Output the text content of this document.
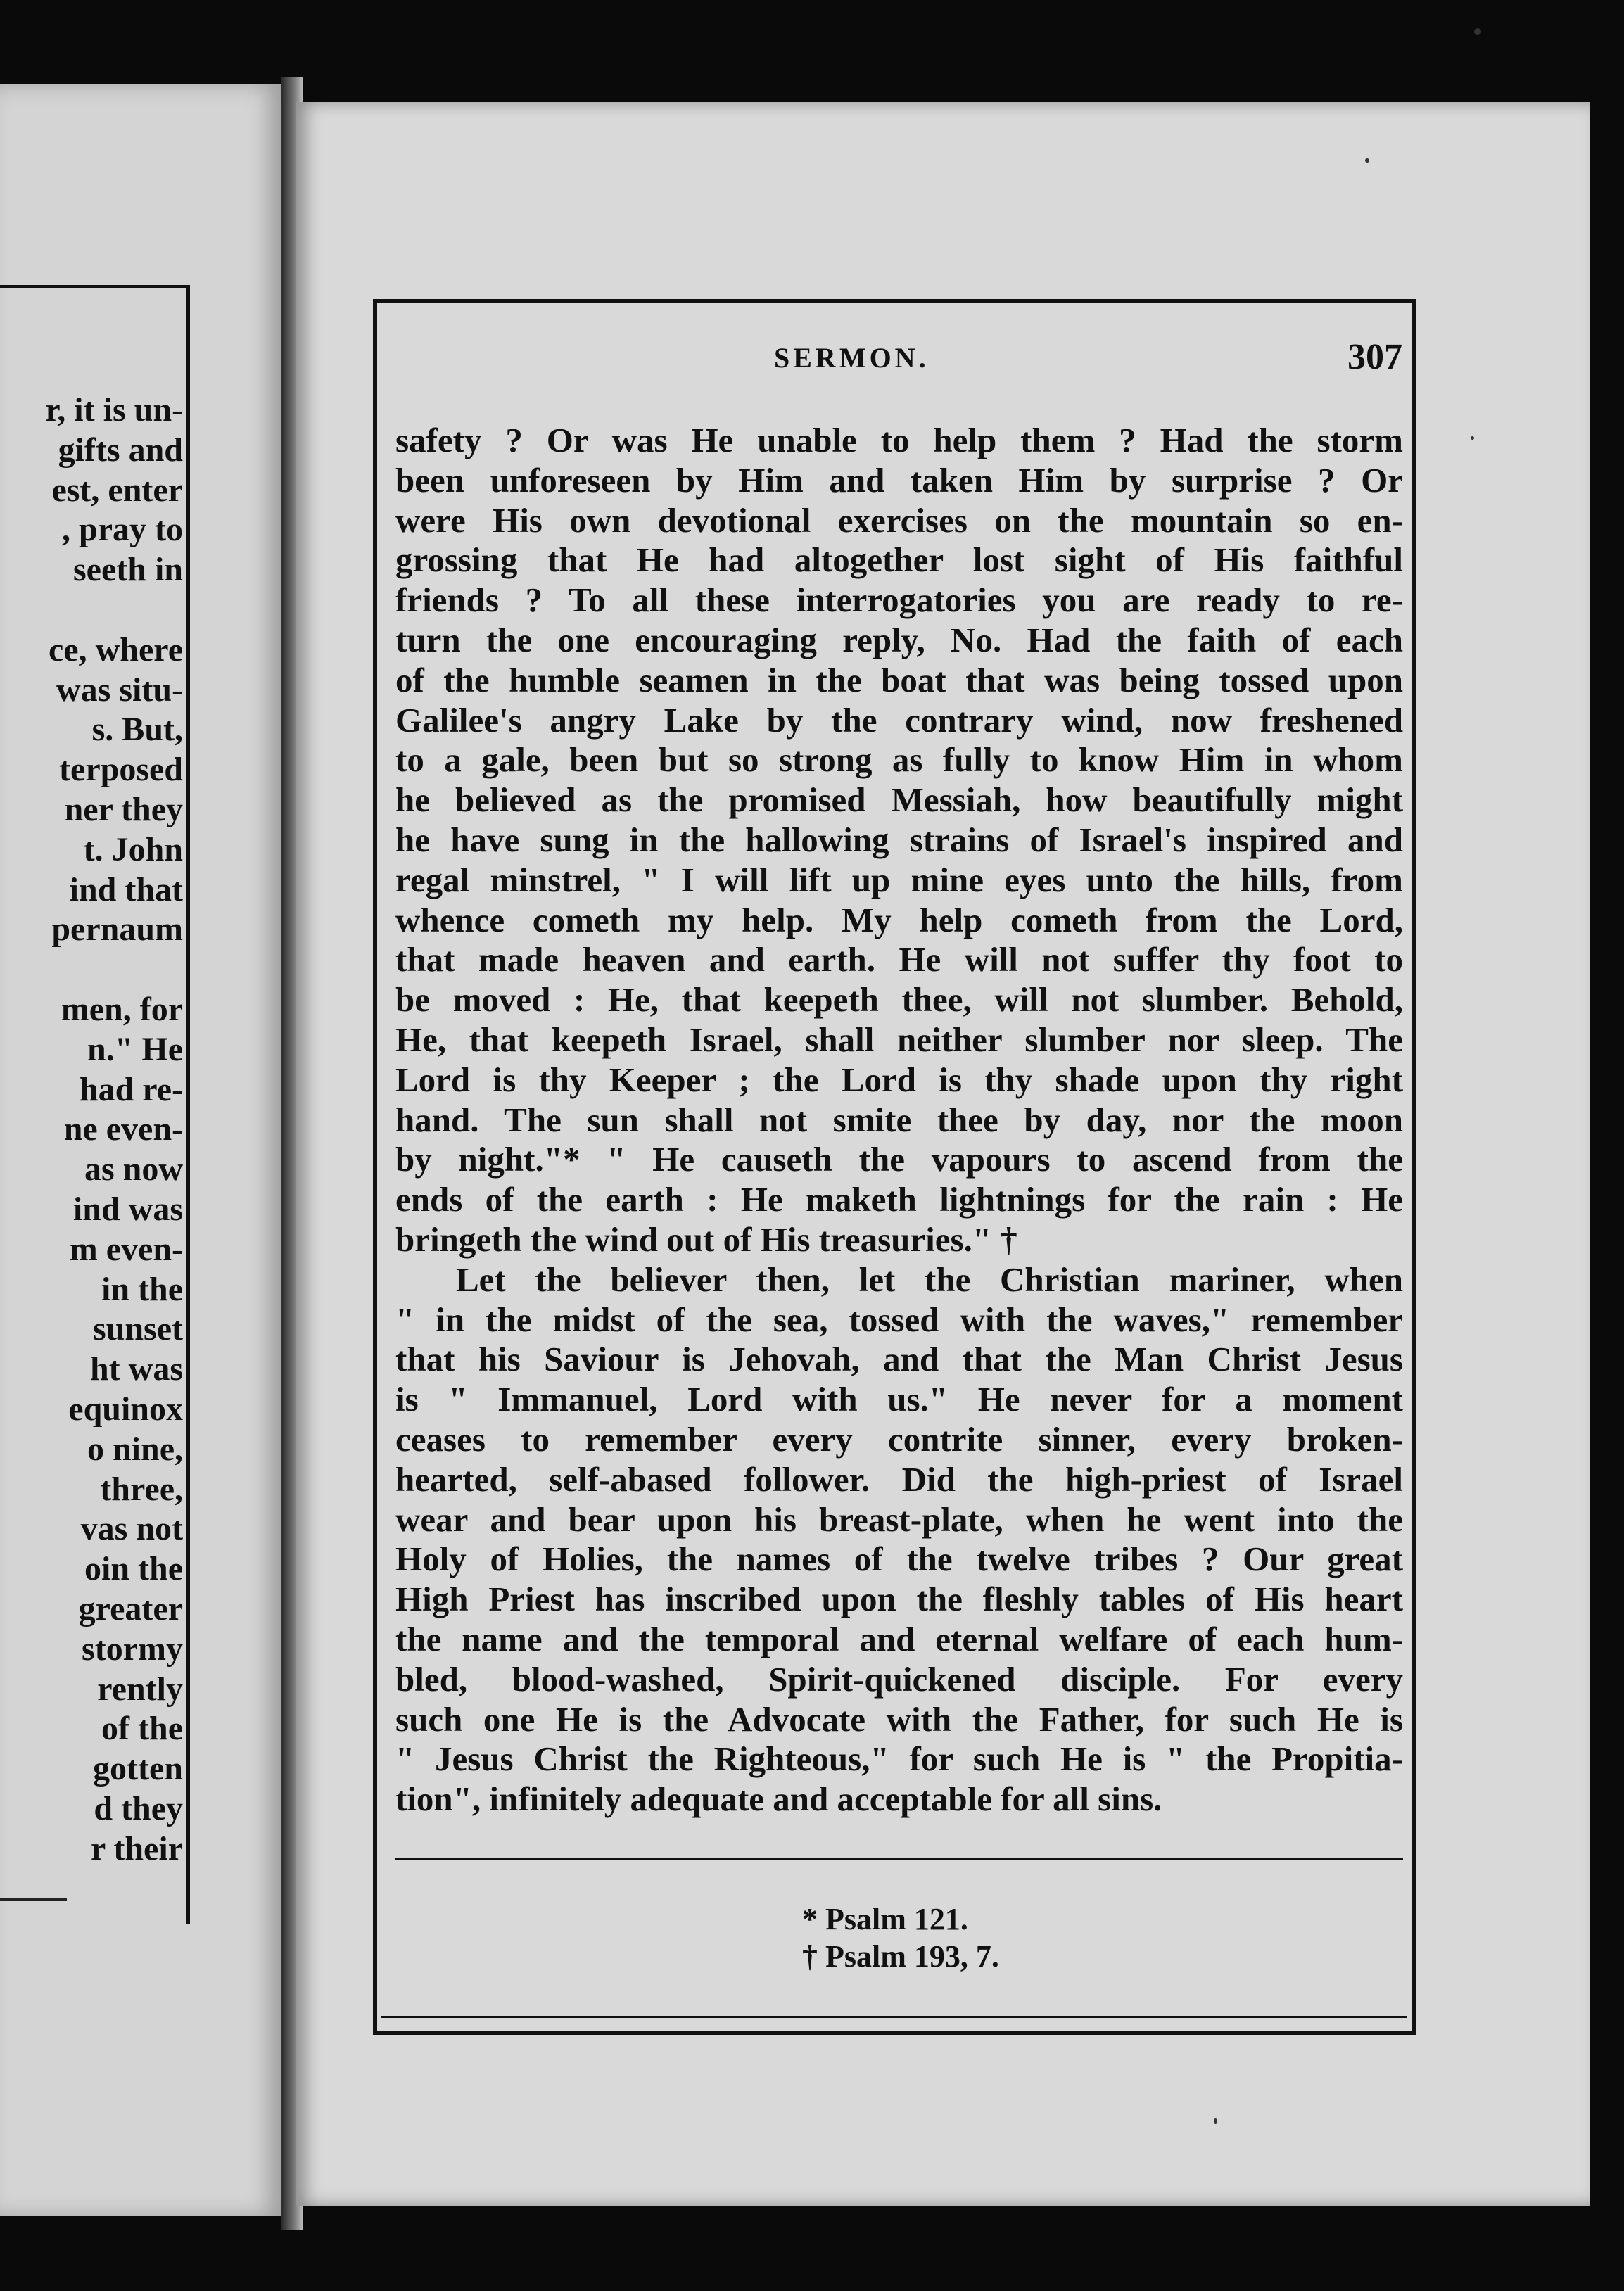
r, it is un-
gifts and
est, enter
, pray to
seeth in
ce, where
was situ-
s. But,
terposed
ner they
t. John
ind that
pernaum
men, for
n." He
had re-
ne even-
as now
ind was
m even-
in the
sunset
ht was
equinox
o nine,
three,
vas not
oin the
greater
stormy
rently
of the
gotten
d they
r their
SERMON.	307
safety ? Or was He unable to help them ? Had the storm
been unforeseen by Him and taken Him by surprise ? Or
were His own devotional exercises on the mountain so en-
grossing that He had altogether lost sight of His faithful
friends ? To all these interrogatories you are ready to re-
turn the one encouraging reply, No. Had the faith of each
of the humble seamen in the boat that was being tossed upon
Galilee's angry Lake by the contrary wind, now freshened
to a gale, been but so strong as fully to know Him in whom
he believed as the promised Messiah, how beautifully might
he have sung in the hallowing strains of Israel's inspired and
regal minstrel, " I will lift up mine eyes unto the hills, from
whence cometh my help. My help cometh from the Lord,
that made heaven and earth. He will not suffer thy foot to
be moved : He, that keepeth thee, will not slumber. Behold,
He, that keepeth Israel, shall neither slumber nor sleep. The
Lord is thy Keeper ; the Lord is thy shade upon thy right
hand. The sun shall not smite thee by day, nor the moon
by night."* " He causeth the vapours to ascend from the
ends of the earth : He maketh lightnings for the rain : He
bringeth the wind out of His treasuries." †
Let the believer then, let the Christian mariner, when
" in the midst of the sea, tossed with the waves," remember
that his Saviour is Jehovah, and that the Man Christ Jesus
is " Immanuel, Lord with us." He never for a moment
ceases to remember every contrite sinner, every broken-
hearted, self-abased follower. Did the high-priest of Israel
wear and bear upon his breast-plate, when he went into the
Holy of Holies, the names of the twelve tribes ? Our great
High Priest has inscribed upon the fleshly tables of His heart
the name and the temporal and eternal welfare of each hum-
bled, blood-washed, Spirit-quickened disciple. For every
such one He is the Advocate with the Father, for such He is
" Jesus Christ the Righteous," for such He is " the Propitia-
tion", infinitely adequate and acceptable for all sins.
* Psalm 121.
† Psalm 193, 7.
